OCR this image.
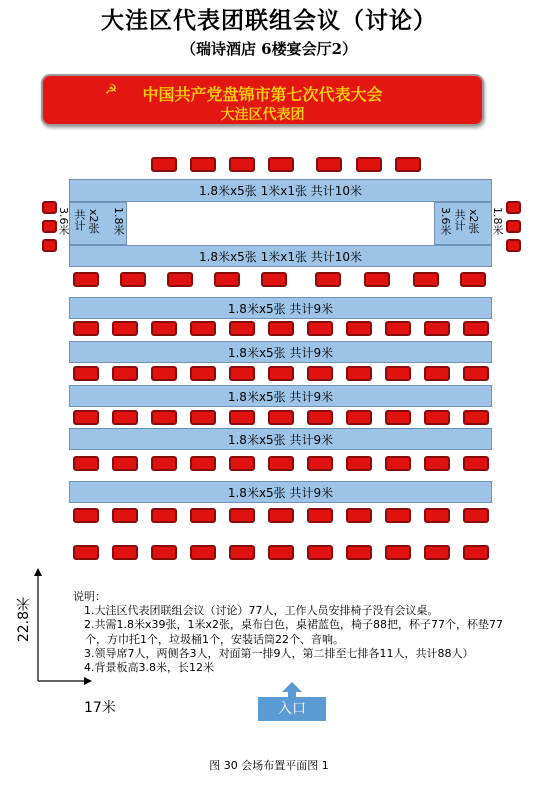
大洼区代表团联组会议（讨论）
（瑞诗酒店 6楼宴会厅2）
☭	中国共产党盘锦市第七次代表大会
大洼区代表团
1.8米x5张 1米x1张 共计10米
3.6米 共计 x2张 1.8米	3.6米 共计 x2张 1.8米
1.8米x5张 1米x1张 共计10米
1.8米x5张 共计9米
1.8米x5张 共计9米
1.8米x5张 共计9米
1.8米x5张 共计9米
1.8米x5张 共计9米
22.8米
17米

说明：

1.大洼区代表团联组会议（讨论）77人，工作人员安排椅子没有会议桌。

2.共需1.8米x39张，1米x2张，桌布白色，桌裙蓝色，椅子88把，杯子77个，杯垫77个，方巾托1个，垃圾桶1个，安装话筒22个、音响。

3.领导席7人，两侧各3人，对面第一排9人，第二排至七排各11人，共计88人）

4.背景板高3.8米，长12米

入口
图 30 会场布置平面图 1
